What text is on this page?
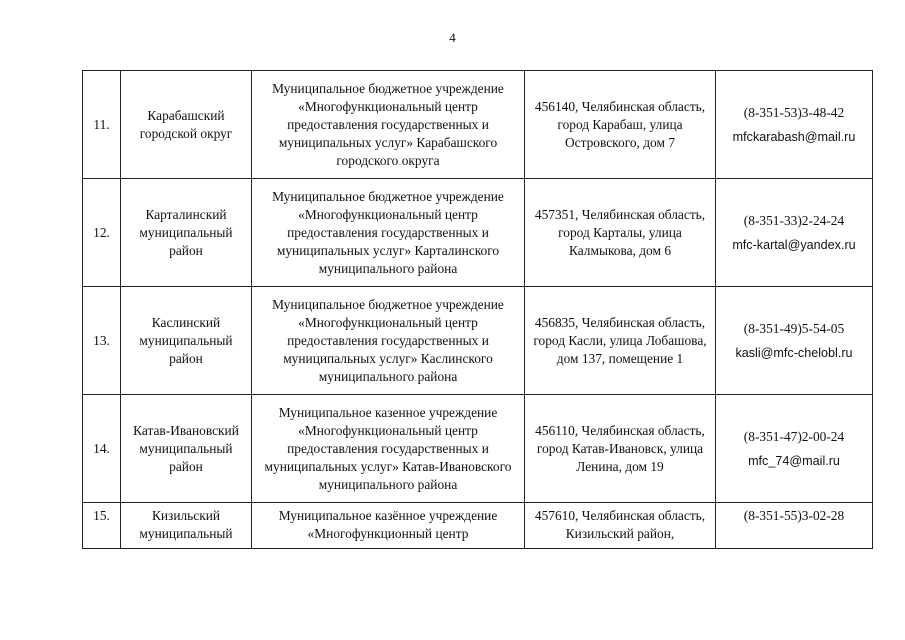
4
11.	Карабашский городской округ	Муниципальное бюджетное учреждение «Многофункциональный центр предоставления государственных и муниципальных услуг» Карабашского городского округа	456140, Челябинская область, город Карабаш, улица Островского, дом 7	(8-351-53)3-48-42
mfckarabash@mail.ru

12.	Карталинский муниципальный район	Муниципальное бюджетное учреждение «Многофункциональный центр предоставления государственных и муниципальных услуг» Карталинского муниципального района	457351, Челябинская область, город Карталы, улица Калмыкова, дом 6	(8-351-33)2-24-24
mfc-kartal@yandex.ru

13.	Каслинский муниципальный район	Муниципальное бюджетное учреждение «Многофункциональный центр предоставления государственных и муниципальных услуг» Каслинского муниципального района	456835, Челябинская область, город Касли, улица Лобашова, дом 137, помещение 1	(8-351-49)5-54-05
kasli@mfc-chelobl.ru

14.	Катав-Ивановский муниципальный район	Муниципальное казенное учреждение «Многофункциональный центр предоставления государственных и муниципальных услуг» Катав-Ивановского муниципального района	456110, Челябинская область, город Катав-Ивановск, улица Ленина, дом 19	(8-351-47)2-00-24
mfc_74@mail.ru

15.	Кизильский муниципальный	Муниципальное казённое учреждение «Многофункционный центр	457610, Челябинская область, Кизильский район,	(8-351-55)3-02-28
